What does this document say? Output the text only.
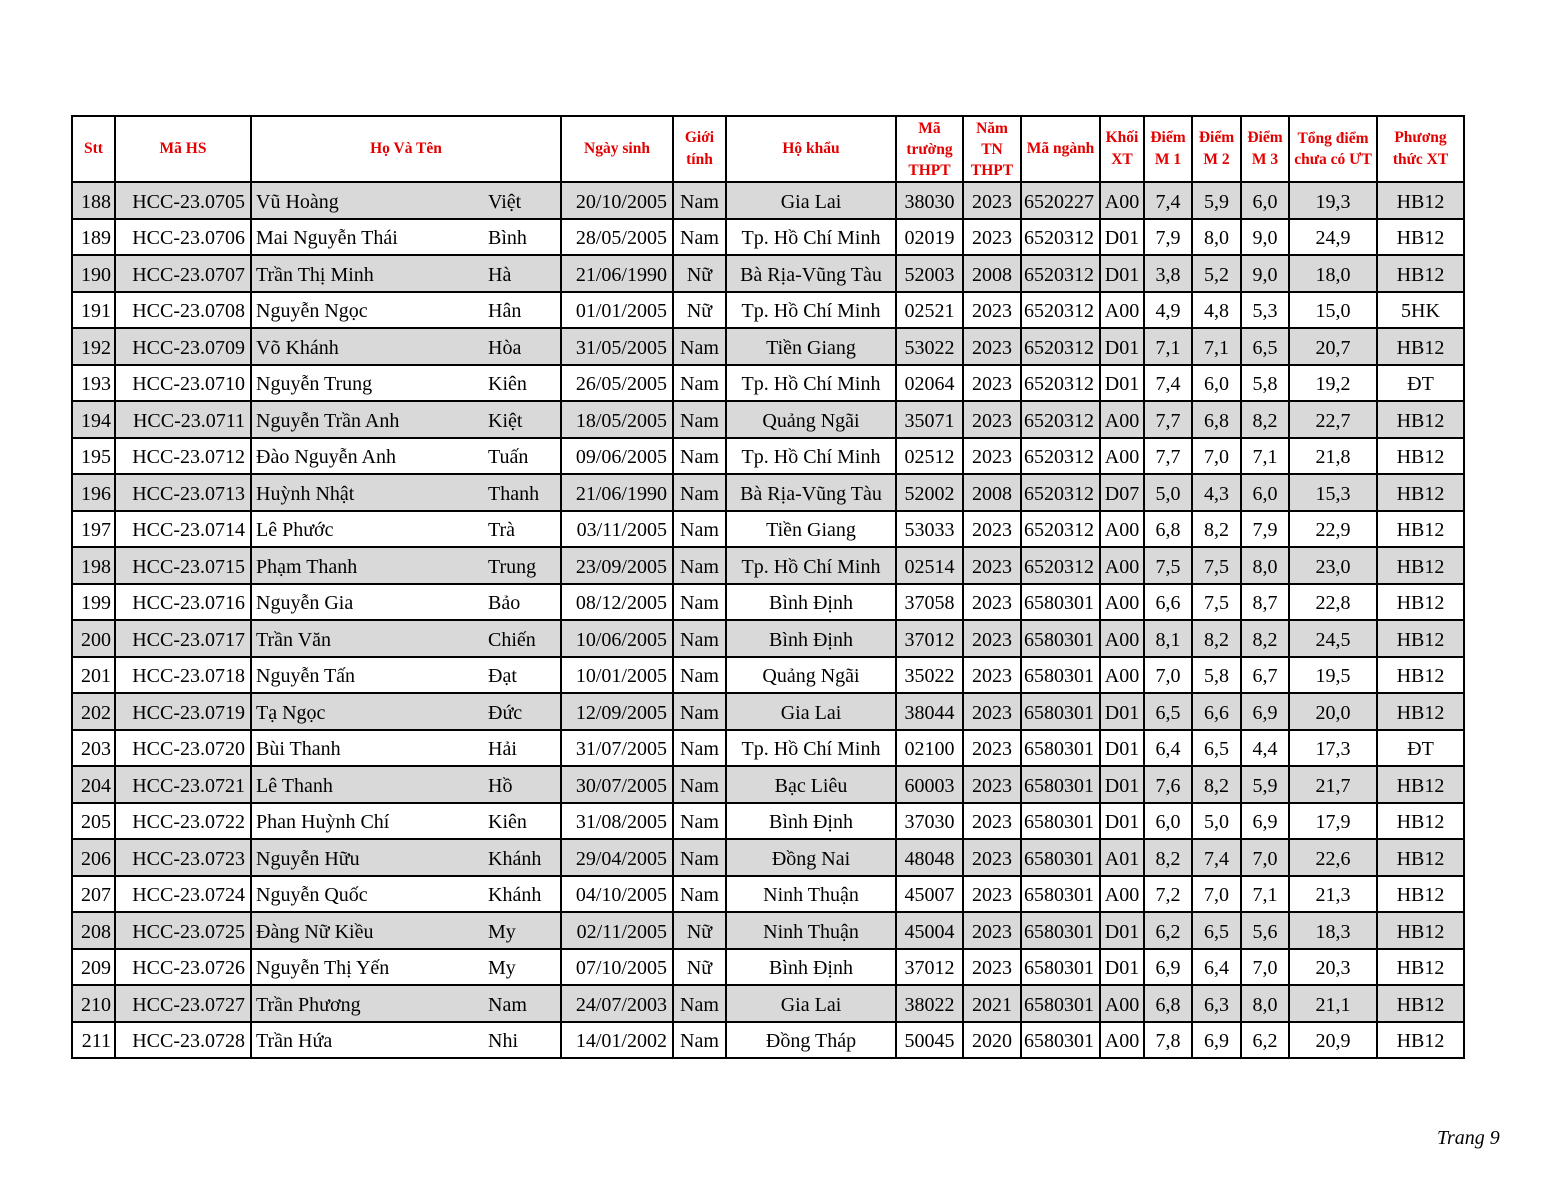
Stt	Mã HS	Họ Và Tên		Ngày sinh	Giới tính	Hộ khẩu	Mã trường THPT	Năm TN THPT	Mã ngành	Khối XT	Điểm M 1	Điểm M 2	Điểm M 3	Tổng điểm chưa có ƯT	Phương thức XT
188	HCC-23.0705	Vũ Hoàng	Việt	20/10/2005	Nam	Gia Lai	38030	2023	6520227	A00	7,4	5,9	6,0	19,3	HB12
189	HCC-23.0706	Mai Nguyễn Thái	Bình	28/05/2005	Nam	Tp. Hồ Chí Minh	02019	2023	6520312	D01	7,9	8,0	9,0	24,9	HB12
190	HCC-23.0707	Trần Thị Minh	Hà	21/06/1990	Nữ	Bà Rịa-Vũng Tàu	52003	2008	6520312	D01	3,8	5,2	9,0	18,0	HB12
191	HCC-23.0708	Nguyễn Ngọc	Hân	01/01/2005	Nữ	Tp. Hồ Chí Minh	02521	2023	6520312	A00	4,9	4,8	5,3	15,0	5HK
192	HCC-23.0709	Võ Khánh	Hòa	31/05/2005	Nam	Tiền Giang	53022	2023	6520312	D01	7,1	7,1	6,5	20,7	HB12
193	HCC-23.0710	Nguyễn Trung	Kiên	26/05/2005	Nam	Tp. Hồ Chí Minh	02064	2023	6520312	D01	7,4	6,0	5,8	19,2	ĐT
194	HCC-23.0711	Nguyễn Trần Anh	Kiệt	18/05/2005	Nam	Quảng Ngãi	35071	2023	6520312	A00	7,7	6,8	8,2	22,7	HB12
195	HCC-23.0712	Đào Nguyễn Anh	Tuấn	09/06/2005	Nam	Tp. Hồ Chí Minh	02512	2023	6520312	A00	7,7	7,0	7,1	21,8	HB12
196	HCC-23.0713	Huỳnh Nhật	Thanh	21/06/1990	Nam	Bà Rịa-Vũng Tàu	52002	2008	6520312	D07	5,0	4,3	6,0	15,3	HB12
197	HCC-23.0714	Lê Phước	Trà	03/11/2005	Nam	Tiền Giang	53033	2023	6520312	A00	6,8	8,2	7,9	22,9	HB12
198	HCC-23.0715	Phạm Thanh	Trung	23/09/2005	Nam	Tp. Hồ Chí Minh	02514	2023	6520312	A00	7,5	7,5	8,0	23,0	HB12
199	HCC-23.0716	Nguyễn Gia	Bảo	08/12/2005	Nam	Bình Định	37058	2023	6580301	A00	6,6	7,5	8,7	22,8	HB12
200	HCC-23.0717	Trần Văn	Chiến	10/06/2005	Nam	Bình Định	37012	2023	6580301	A00	8,1	8,2	8,2	24,5	HB12
201	HCC-23.0718	Nguyễn Tấn	Đạt	10/01/2005	Nam	Quảng Ngãi	35022	2023	6580301	A00	7,0	5,8	6,7	19,5	HB12
202	HCC-23.0719	Tạ Ngọc	Đức	12/09/2005	Nam	Gia Lai	38044	2023	6580301	D01	6,5	6,6	6,9	20,0	HB12
203	HCC-23.0720	Bùi Thanh	Hải	31/07/2005	Nam	Tp. Hồ Chí Minh	02100	2023	6580301	D01	6,4	6,5	4,4	17,3	ĐT
204	HCC-23.0721	Lê Thanh	Hồ	30/07/2005	Nam	Bạc Liêu	60003	2023	6580301	D01	7,6	8,2	5,9	21,7	HB12
205	HCC-23.0722	Phan Huỳnh Chí	Kiên	31/08/2005	Nam	Bình Định	37030	2023	6580301	D01	6,0	5,0	6,9	17,9	HB12
206	HCC-23.0723	Nguyễn Hữu	Khánh	29/04/2005	Nam	Đồng Nai	48048	2023	6580301	A01	8,2	7,4	7,0	22,6	HB12
207	HCC-23.0724	Nguyễn Quốc	Khánh	04/10/2005	Nam	Ninh Thuận	45007	2023	6580301	A00	7,2	7,0	7,1	21,3	HB12
208	HCC-23.0725	Đàng Nữ Kiều	My	02/11/2005	Nữ	Ninh Thuận	45004	2023	6580301	D01	6,2	6,5	5,6	18,3	HB12
209	HCC-23.0726	Nguyễn Thị Yến	My	07/10/2005	Nữ	Bình Định	37012	2023	6580301	D01	6,9	6,4	7,0	20,3	HB12
210	HCC-23.0727	Trần Phương	Nam	24/07/2003	Nam	Gia Lai	38022	2021	6580301	A00	6,8	6,3	8,0	21,1	HB12
211	HCC-23.0728	Trần Hứa	Nhi	14/01/2002	Nam	Đồng Tháp	50045	2020	6580301	A00	7,8	6,9	6,2	20,9	HB12
Trang 9
